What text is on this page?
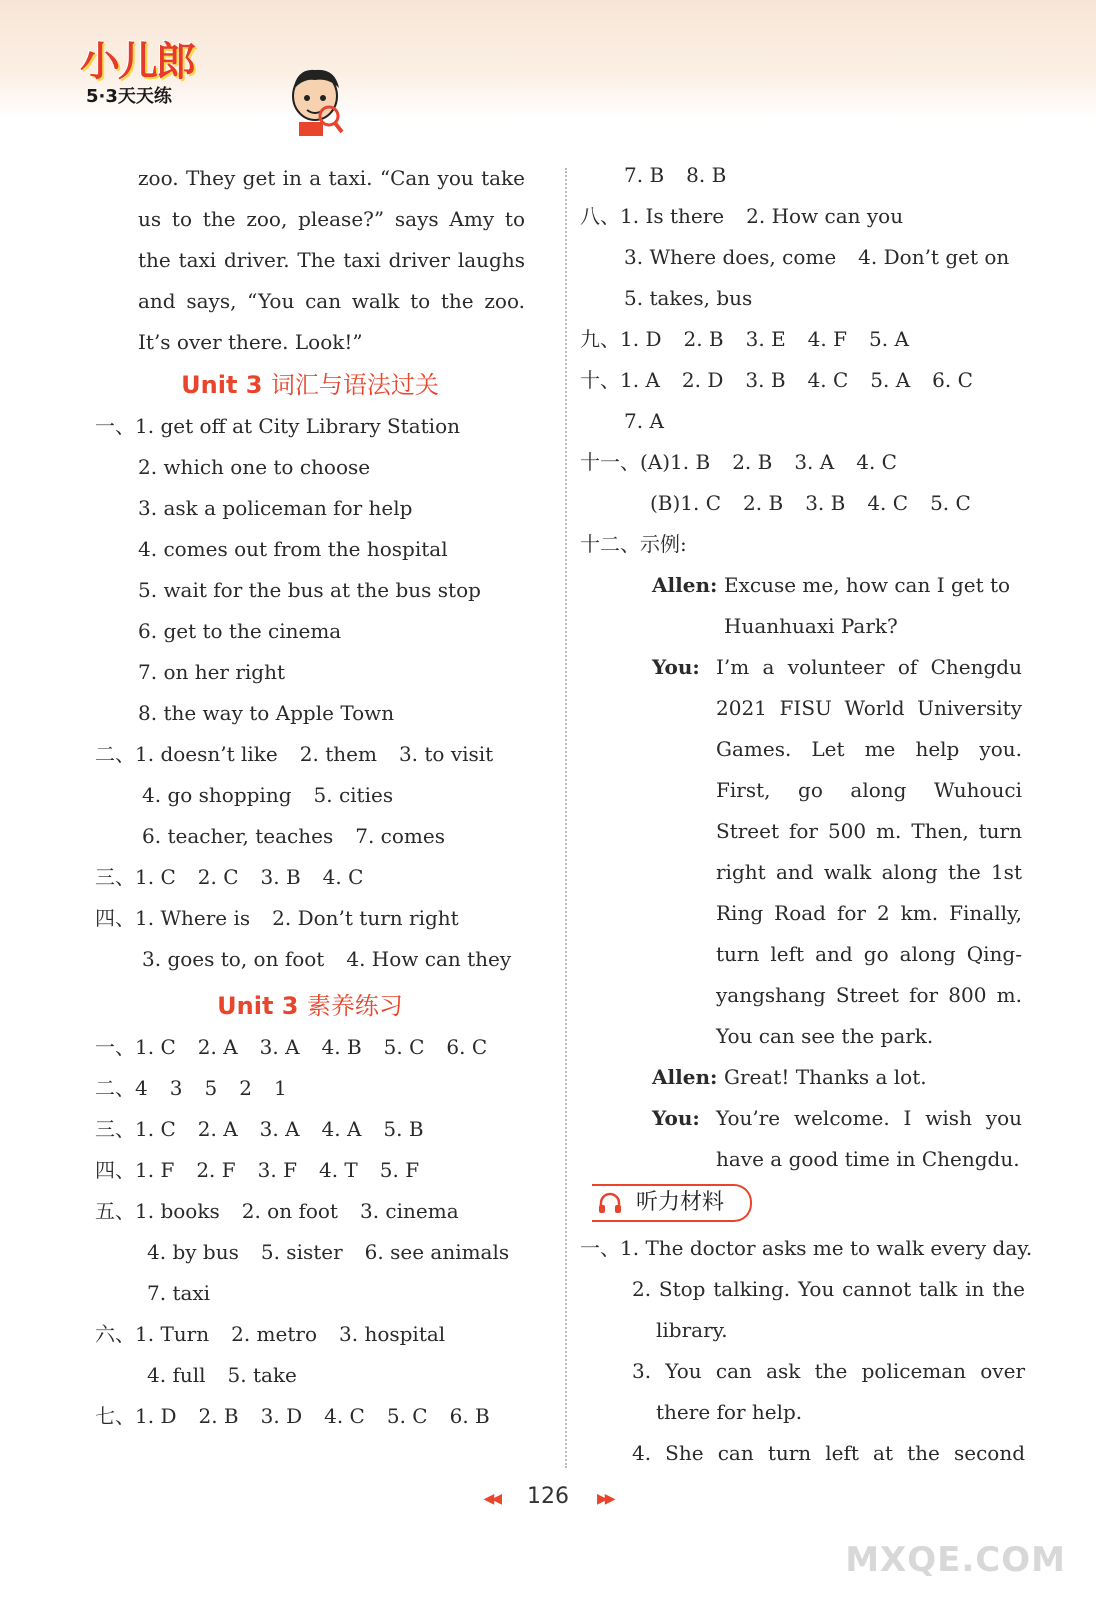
小儿郎
5·3天天练

zoo. They get in a taxi. “Can you take

us to the zoo, please?” says Amy to

the taxi driver. The taxi driver laughs

and says, “You can walk to the zoo.

It’s over there. Look!”

Unit 3 词汇与语法过关

一、1. get off at City Library Station

2. which one to choose

3. ask a policeman for help

4. comes out from the hospital

5. wait for the bus at the bus stop

6. get to the cinema

7. on her right

8. the way to Apple Town

二、1. doesn’t like 2. them 3. to visit

4. go shopping 5. cities

6. teacher, teaches 7. comes

三、1. C 2. C 3. B 4. C

四、1. Where is 2. Don’t turn right

3. goes to, on foot 4. How can they

Unit 3 素养练习

一、1. C 2. A 3. A 4. B 5. C 6. C

二、4 3 5 2 1

三、1. C 2. A 3. A 4. A 5. B

四、1. F 2. F 3. F 4. T 5. F

五、1. books 2. on foot 3. cinema

4. by bus 5. sister 6. see animals

7. taxi

六、1. Turn 2. metro 3. hospital

4. full 5. take

七、1. D 2. B 3. D 4. C 5. C 6. B

7. B 8. B

八、1. Is there 2. How can you

3. Where does, come 4. Don’t get on

5. takes, bus

九、1. D 2. B 3. E 4. F 5. A

十、1. A 2. D 3. B 4. C 5. A 6. C

7. A

十一、(A)1. B 2. B 3. A 4. C

(B)1. C 2. B 3. B 4. C 5. C

十二、示例:

Allen: Excuse me, how can I get to

Huanhuaxi Park?

You: I’m a volunteer of Chengdu

2021 FISU World University

Games. Let me help you.

First, go along Wuhouci

Street for 500 m. Then, turn

right and walk along the 1st

Ring Road for 2 km. Finally,

turn left and go along Qing-

yangshang Street for 800 m.

You can see the park.

Allen: Great! Thanks a lot.

You: You’re welcome. I wish you

have a good time in Chengdu.

听力材料

一、1. The doctor asks me to walk every day.

2. Stop talking. You cannot talk in the

library.

3. You can ask the policeman over

there for help.

4. She can turn left at the second

◀◀ 126 ▶▶
MXQE.COM
